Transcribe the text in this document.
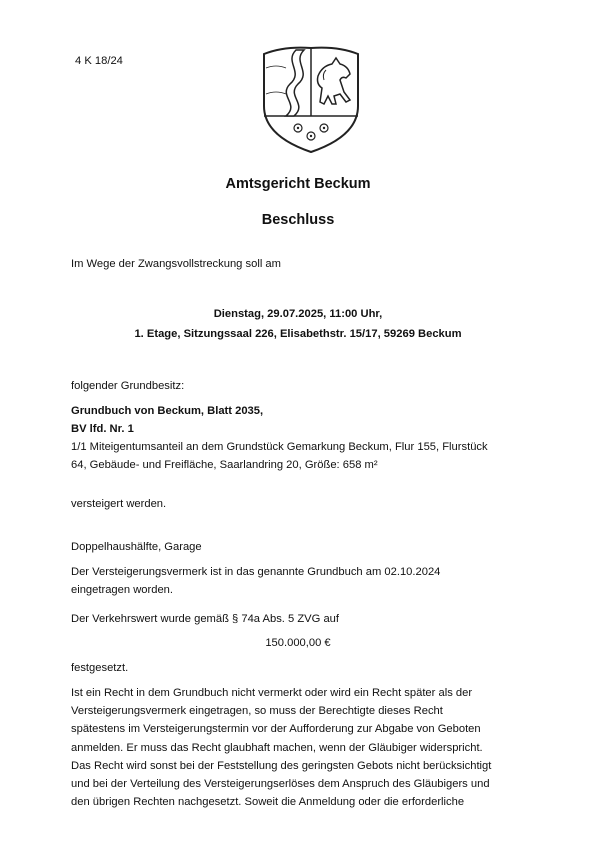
4 K 18/24
Amtsgericht Beckum
Beschluss
Im Wege der Zwangsvollstreckung soll am
Dienstag, 29.07.2025, 11:00 Uhr,
1. Etage, Sitzungssaal 226, Elisabethstr. 15/17, 59269 Beckum
folgender Grundbesitz:
Grundbuch von Beckum, Blatt 2035,
BV lfd. Nr. 1
1/1 Miteigentumsanteil an dem Grundstück Gemarkung Beckum, Flur 155, Flurstück
64, Gebäude- und Freifläche, Saarlandring 20, Größe: 658 m²
versteigert werden.
Doppelhaushälfte, Garage
Der Versteigerungsvermerk ist in das genannte Grundbuch am 02.10.2024
eingetragen worden.
Der Verkehrswert wurde gemäß § 74a Abs. 5 ZVG auf
150.000,00 €
festgesetzt.
Ist ein Recht in dem Grundbuch nicht vermerkt oder wird ein Recht später als der
Versteigerungsvermerk eingetragen, so muss der Berechtigte dieses Recht
spätestens im Versteigerungstermin vor der Aufforderung zur Abgabe von Geboten
anmelden. Er muss das Recht glaubhaft machen, wenn der Gläubiger widerspricht.
Das Recht wird sonst bei der Feststellung des geringsten Gebots nicht berücksichtigt
und bei der Verteilung des Versteigerungserlöses dem Anspruch des Gläubigers und
den übrigen Rechten nachgesetzt. Soweit die Anmeldung oder die erforderliche
